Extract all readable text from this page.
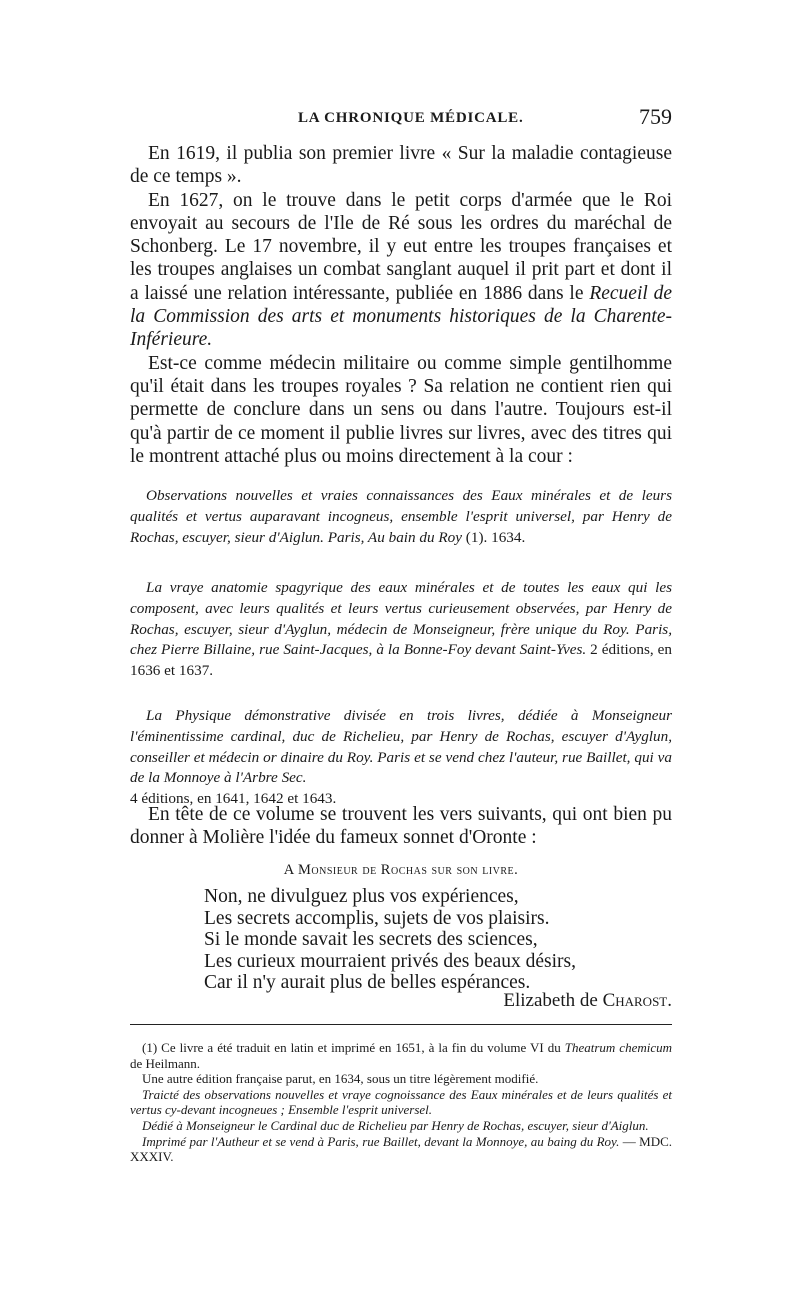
LA CHRONIQUE MÉDICALE.	759

En 1619, il publia son premier livre « Sur la maladie contagieuse de ce temps ».

En 1627, on le trouve dans le petit corps d'armée que le Roi envoyait au secours de l'Ile de Ré sous les ordres du maréchal de Schonberg. Le 17 novembre, il y eut entre les troupes françaises et les troupes anglaises un combat sanglant auquel il prit part et dont il a laissé une relation intéressante, publiée en 1886 dans le Recueil de la Commission des arts et monuments historiques de la Charente-Inférieure.

Est-ce comme médecin militaire ou comme simple gentilhomme qu'il était dans les troupes royales ? Sa relation ne contient rien qui permette de conclure dans un sens ou dans l'autre. Toujours est-il qu'à partir de ce moment il publie livres sur livres, avec des titres qui le montrent attaché plus ou moins directement à la cour :

Observations nouvelles et vraies connaissances des Eaux minérales et de leurs qualités et vertus auparavant incogneus, ensemble l'esprit universel, par Henry de Rochas, escuyer, sieur d'Aiglun. Paris, Au bain du Roy (1). 1634.

La vraye anatomie spagyrique des eaux minérales et de toutes les eaux qui les composent, avec leurs qualités et leurs vertus curieusement observées, par Henry de Rochas, escuyer, sieur d'Ayglun, médecin de Monseigneur, frère unique du Roy. Paris, chez Pierre Billaine, rue Saint-Jacques, à la Bonne-Foy devant Saint-Yves. 2 éditions, en 1636 et 1637.

La Physique démonstrative divisée en trois livres, dédiée à Monseigneur l'éminentissime cardinal, duc de Richelieu, par Henry de Rochas, escuyer d'Ayglun, conseiller et médecin or dinaire du Roy. Paris et se vend chez l'auteur, rue Baillet, qui va de la Monnoye à l'Arbre Sec.

4 éditions, en 1641, 1642 et 1643.

En tête de ce volume se trouvent les vers suivants, qui ont bien pu donner à Molière l'idée du fameux sonnet d'Oronte :

A Monsieur de Rochas sur son livre.
Non, ne divulguez plus vos expériences,
Les secrets accomplis, sujets de vos plaisirs.
Si le monde savait les secrets des sciences,
Les curieux mourraient privés des beaux désirs,
Car il n'y aurait plus de belles espérances.
Elizabeth de Charost.

(1) Ce livre a été traduit en latin et imprimé en 1651, à la fin du volume VI du Theatrum chemicum de Heilmann.

Une autre édition française parut, en 1634, sous un titre légèrement modifié.

Traicté des observations nouvelles et vraye cognoissance des Eaux minérales et de leurs qualités et vertus cy-devant incogneues ; Ensemble l'esprit universel.

Dédié à Monseigneur le Cardinal duc de Richelieu par Henry de Rochas, escuyer, sieur d'Aiglun.

Imprimé par l'Autheur et se vend à Paris, rue Baillet, devant la Monnoye, au baing du Roy. — MDC. XXXIV.
